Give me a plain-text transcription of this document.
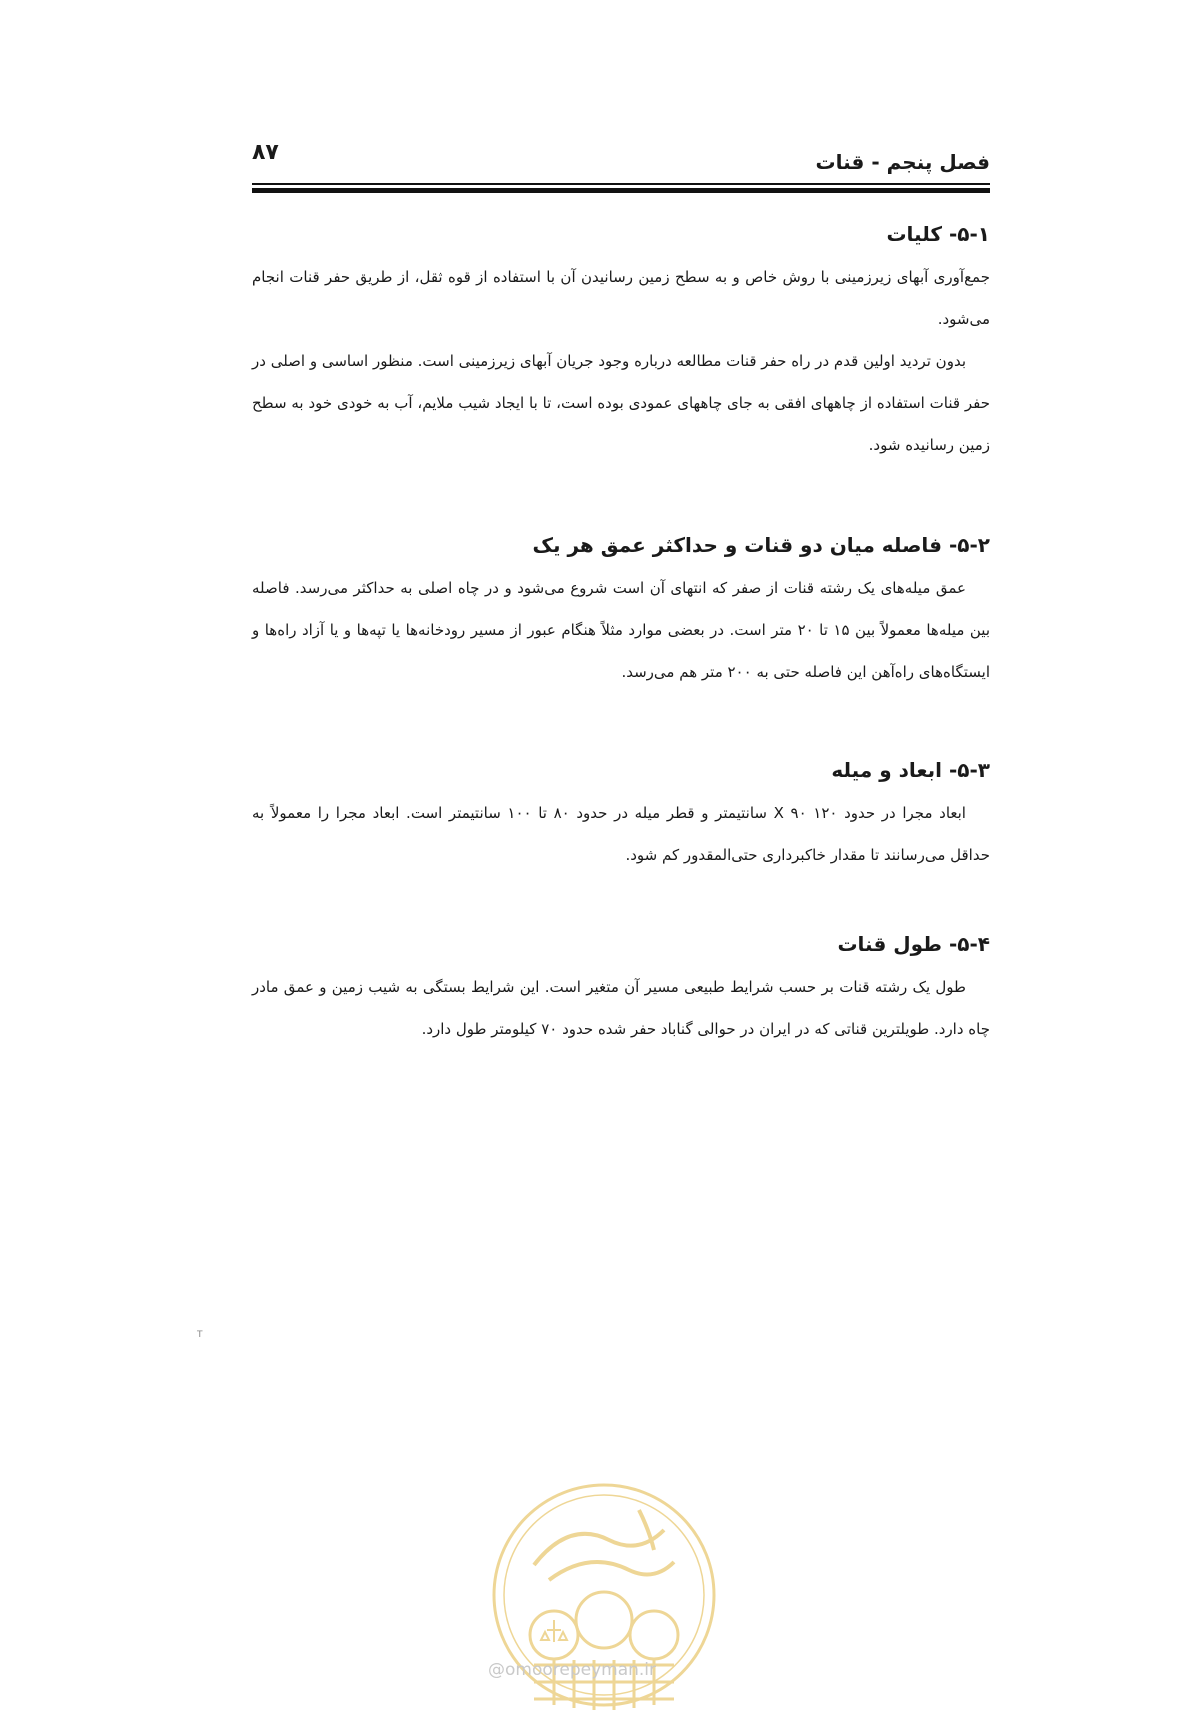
فصل پنجم - قنات
۸۷
۵-۱- کلیات

جمع‌آوری آبهای زیرزمینی با روش خاص و به سطح زمین رسانیدن آن با استفاده از قوه ثقل، از طریق حفر قنات انجام می‌شود.

بدون تردید اولین قدم در راه حفر قنات مطالعه درباره وجود جریان آبهای زیرزمینی است. منظور اساسی و اصلی در حفر قنات استفاده از چاههای افقی به جای چاههای عمودی بوده است، تا با ایجاد شیب ملایم، آب به خودی خود به سطح زمین رسانیده شود.

۵-۲- فاصله میان دو قنات و حداکثر عمق هر یک

عمق میله‌های یک رشته قنات از صفر که انتهای آن است شروع می‌شود و در چاه اصلی به حداکثر می‌رسد. فاصله بین میله‌ها معمولاً بین ۱۵ تا ۲۰ متر است. در بعضی موارد مثلاً هنگام عبور از مسیر رودخانه‌ها یا تپه‌ها و یا آزاد راه‌ها و ایستگاه‌های راه‌آهن این فاصله حتی به ۲۰۰ متر هم می‌رسد.

۵-۳- ابعاد و میله

ابعاد مجرا در حدود ۱۲۰ X ۹۰ سانتیمتر و قطر میله در حدود ۸۰ تا ۱۰۰ سانتیمتر است. ابعاد مجرا را معمولاً به حداقل می‌رسانند تا مقدار خاکبرداری حتی‌المقدور کم شود.

۵-۴- طول قنات

طول یک رشته قنات بر حسب شرایط طبیعی مسیر آن متغیر است. این شرایط بستگی به شیب زمین و عمق مادر چاه دارد. طویلترین قناتی که در ایران در حوالی گناباد حفر شده حدود ۷۰ کیلومتر طول دارد.

T
@omoorepeyman.ir
